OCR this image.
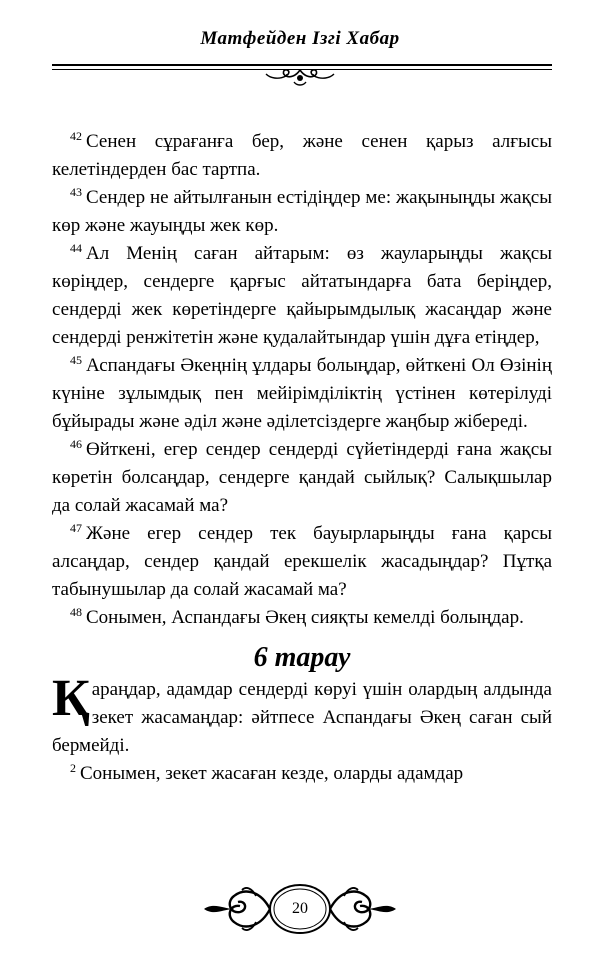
Матфейден Ізгі Хабар

$^{42}$ Сенен сұрағанға бер, және сенен қарыз алғысы келетіндерден бас тартпа.

$^{43}$ Сендер не айтылғанын естідіңдер ме: жақыныңды жақсы көр және жауыңды жек көр.

$^{44}$ Ал Менің саған айтарым: өз жауларыңды жақсы көріңдер, сендерге қарғыс айтатындарға бата беріңдер, сендерді жек көретіндерге қайырымдылық жасаңдар және сендерді ренжітетін және қудалайтындар үшін дұға етіңдер,

$^{45}$ Аспандағы Әкеңнің ұлдары болыңдар, өйткені Ол Өзінің күніне зұлымдық пен мейірімділіктің үстінен көтерілуді бұйырады және әділ және әділетсіздерге жаңбыр жібереді.

$^{46}$ Өйткені, егер сендер сендерді сүйетіндерді ғана жақсы көретін болсаңдар, сендерге қандай сыйлық? Салықшылар да солай жасамай ма?

$^{47}$ Және егер сендер тек бауырларыңды ғана қарсы алсаңдар, сендер қандай ерекшелік жасадыңдар? Пұтқа табынушылар да солай жасамай ма?

$^{48}$ Сонымен, Аспандағы Әкең сияқты кемелді болыңдар.

6 тарау

Қараңдар, адамдар сендерді көруі үшін олардың алдында зекет жасамаңдар: әйтпесе Аспандағы Әкең саған сый бермейді.

$^2$ Сонымен, зекет жасаған кезде, оларды адамдар

20
